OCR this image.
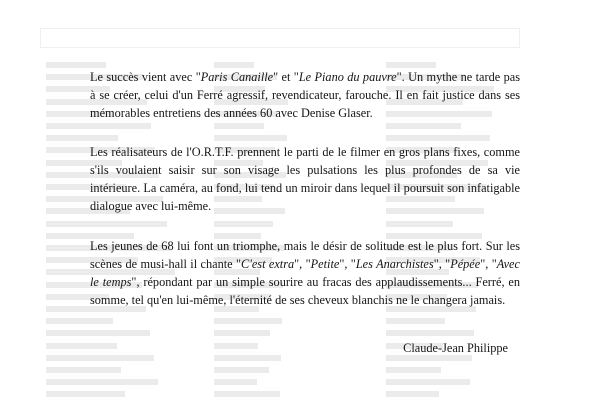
Le succès vient avec "Paris Canaille" et "Le Piano du pauvre". Un mythe ne tarde pas à se créer, celui d'un Ferré agressif, revendicateur, farouche. Il en fait justice dans ses mémorables entretiens des années 60 avec Denise Glaser.

Les réalisateurs de l'O.R.T.F. prennent le parti de le filmer en gros plans fixes, comme s'ils voulaient saisir sur son visage les pulsations les plus profondes de sa vie intérieure. La caméra, au fond, lui tend un miroir dans lequel il poursuit son infatigable dialogue avec lui-même.

Les jeunes de 68 lui font un triomphe, mais le désir de solitude est le plus fort. Sur les scènes de musi-hall il chante "C'est extra", "Petite", "Les Anarchistes", "Pépée", "Avec le temps", répondant par un simple sourire au fracas des applaudissements... Ferré, en somme, tel qu'en lui-même, l'éternité de ses cheveux blanchis ne le changera jamais.

Claude-Jean Philippe
